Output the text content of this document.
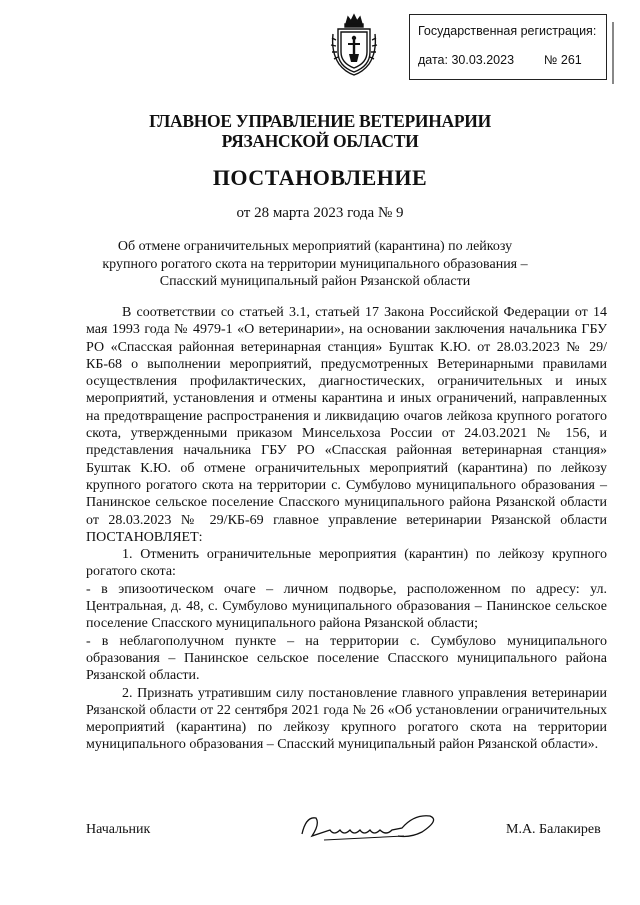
Государственная регистрация:
дата: 30.03.2023 № 261
ГЛАВНОЕ УПРАВЛЕНИЕ ВЕТЕРИНАРИИ
РЯЗАНСКОЙ ОБЛАСТИ
ПОСТАНОВЛЕНИЕ
от 28 марта 2023 года № 9
Об отмене ограничительных мероприятий (карантина) по лейкозу крупного рогатого скота на территории муниципального образования – Спасский муниципальный район Рязанской области

В соответствии со статьей 3.1, статьей 17 Закона Российской Федерации от 14 мая 1993 года № 4979-1 «О ветеринарии», на основании заключения начальника ГБУ РО «Спасская районная ветеринарная станция» Буштак К.Ю. от 28.03.2023 № 29/КБ-68 о выполнении мероприятий, предусмотренных Ветеринарными правилами осуществления профилактических, диагностических, ограничительных и иных мероприятий, установления и отмены карантина и иных ограничений, направленных на предотвращение распространения и ликвидацию очагов лейкоза крупного рогатого скота, утвержденными приказом Минсельхоза России от 24.03.2021 № 156, и представления начальника ГБУ РО «Спасская районная ветеринарная станция» Буштак К.Ю. об отмене ограничительных мероприятий (карантина) по лейкозу крупного рогатого скота на территории с. Сумбулово муниципального образования – Панинское сельское поселение Спасского муниципального района Рязанской области от 28.03.2023 № 29/КБ-69 главное управление ветеринарии Рязанской области ПОСТАНОВЛЯЕТ:

1. Отменить ограничительные мероприятия (карантин) по лейкозу крупного рогатого скота:

- в эпизоотическом очаге – личном подворье, расположенном по адресу: ул. Центральная, д. 48, с. Сумбулово муниципального образования – Панинское сельское поселение Спасского муниципального района Рязанской области;

- в неблагополучном пункте – на территории с. Сумбулово муниципального образования – Панинское сельское поселение Спасского муниципального района Рязанской области.

2. Признать утратившим силу постановление главного управления ветеринарии Рязанской области от 22 сентября 2021 года № 26 «Об установлении ограничительных мероприятий (карантина) по лейкозу крупного рогатого скота на территории муниципального образования – Спасский муниципальный район Рязанской области».

Начальник	М.А. Балакирев
